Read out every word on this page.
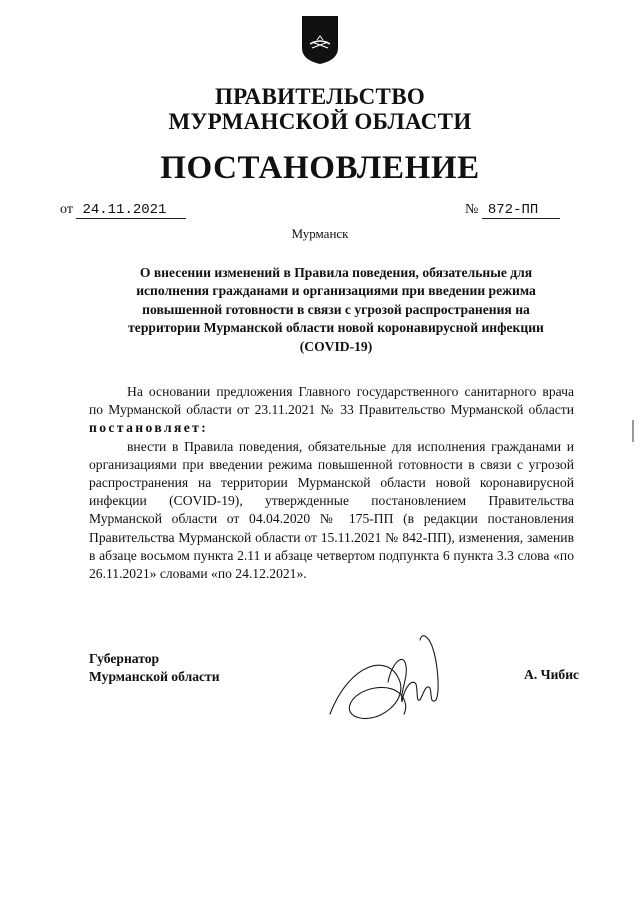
ПРАВИТЕЛЬСТВО
МУРМАНСКОЙ ОБЛАСТИ
ПОСТАНОВЛЕНИЕ
от 24.11.2021	№ 872-ПП
Мурманск
О внесении изменений в Правила поведения, обязательные для исполнения гражданами и организациями при введении режима повышенной готовности в связи с угрозой распространения на территории Мурманской области новой коронавирусной инфекции (COVID-19)

На основании предложения Главного государственного санитарного врача по Мурманской области от 23.11.2021 № 33 Правительство Мурманской области постановляет:

внести в Правила поведения, обязательные для исполнения гражданами и организациями при введении режима повышенной готовности в связи с угрозой распространения на территории Мурманской области новой коронавирусной инфекции (COVID-19), утвержденные постановлением Правительства Мурманской области от 04.04.2020 № 175-ПП (в редакции постановления Правительства Мурманской области от 15.11.2021 № 842-ПП), изменения, заменив в абзаце восьмом пункта 2.11 и абзаце четвертом подпункта 6 пункта 3.3 слова «по 26.11.2021» словами «по 24.12.2021».

Губернатор
Мурманской области	А. Чибис
